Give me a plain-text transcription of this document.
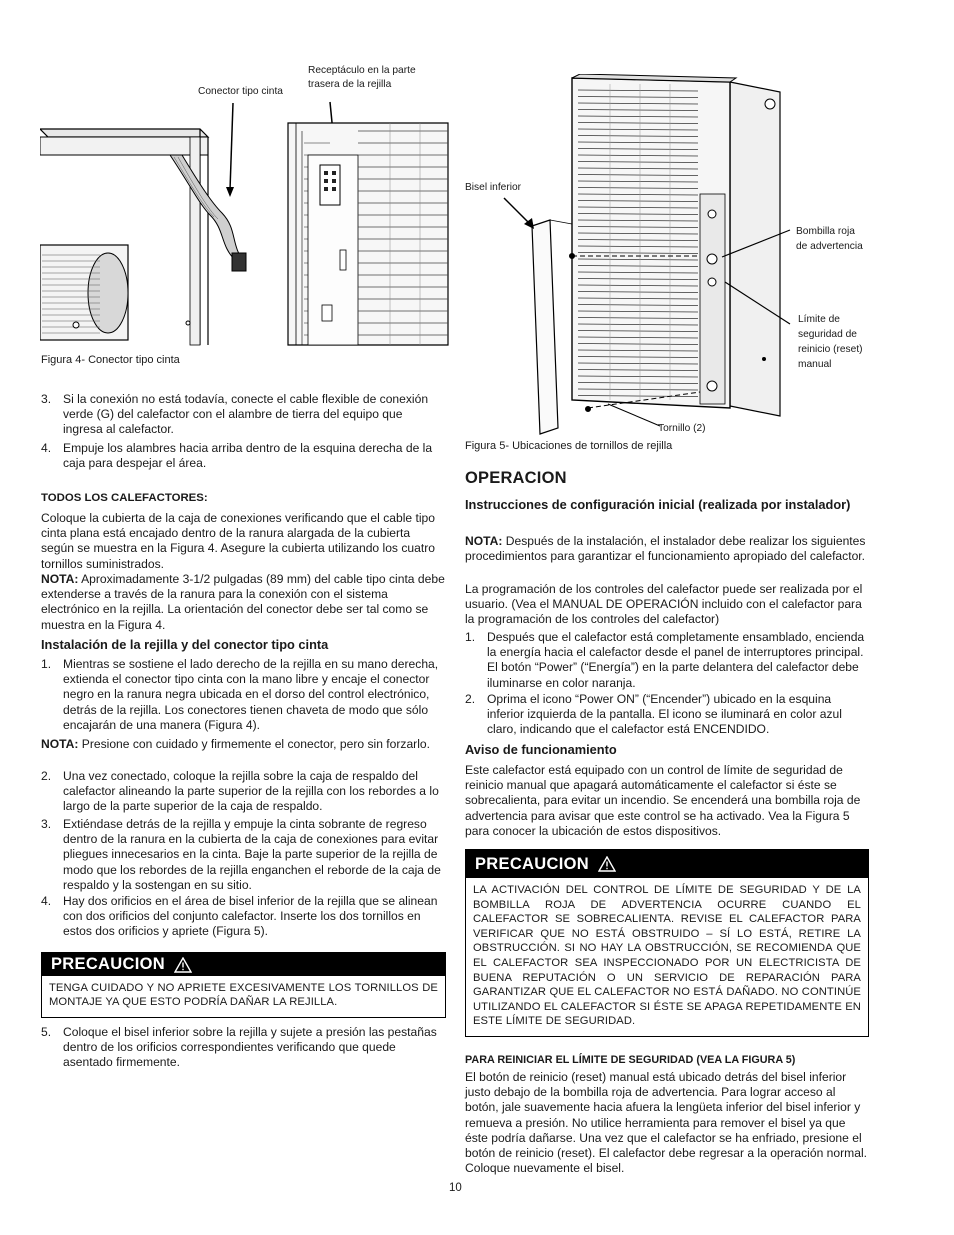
Conector tipo cinta
Receptáculo en la parte
trasera de la rejilla
Figura 4- Conector tipo cinta
3. Si la conexión no está todavía, conecte el cable flexible de conexión verde (G) del calefactor con el alambre de tierra del equipo que ingresa al calefactor.
4. Empuje los alambres hacia arriba dentro de la esquina derecha de la caja para despejar el área.
TODOS LOS CALEFACTORES:
Coloque la cubierta de la caja de conexiones verificando que el cable tipo cinta plana está encajado dentro de la ranura alargada de la cubierta según se muestra en la Figura 4. Asegure la cubierta utilizando los cuatro tornillos suministrados.
NOTA: Aproximadamente 3-1/2 pulgadas (89 mm) del cable tipo cinta debe extenderse a través de la ranura para la conexión con el sistema electrónico en la rejilla. La orientación del conector debe ser tal como se muestra en la Figura 4.
Instalación de la rejilla y del conector tipo cinta
1. Mientras se sostiene el lado derecho de la rejilla en su mano derecha, extienda el conector tipo cinta con la mano libre y encaje el conector negro en la ranura negra ubicada en el dorso del control electrónico, detrás de la rejilla. Los conectores tienen chaveta de modo que sólo encajarán de una manera (Figura 4).
NOTA: Presione con cuidado y firmemente el conector, pero sin forzarlo.
2. Una vez conectado, coloque la rejilla sobre la caja de respaldo del calefactor alineando la parte superior de la rejilla con los rebordes a lo largo de la parte superior de la caja de respaldo.
3. Extiéndase detrás de la rejilla y empuje la cinta sobrante de regreso dentro de la ranura en la cubierta de la caja de conexiones para evitar pliegues innecesarios en la cinta. Baje la parte superior de la rejilla de modo que los rebordes de la rejilla enganchen el reborde de la caja de respaldo y la sostengan en su sitio.
4. Hay dos orificios en el área de bisel inferior de la rejilla que se alinean con dos orificios del conjunto calefactor. Inserte los dos tornillos en estos dos orificios y apriete (Figura 5).
PRECAUCION
TENGA CUIDADO Y NO APRIETE EXCESIVAMENTE LOS TORNILLOS DE MONTAJE YA QUE ESTO PODRÍA DAÑAR LA REJILLA.
5. Coloque el bisel inferior sobre la rejilla y sujete a presión las pestañas dentro de los orificios correspondientes verificando que quede asentado firmemente.
Bisel inferior
Bombilla roja
de advertencia
Límite de
seguridad de
reinicio (reset)
manual
Tornillo (2)
Figura 5- Ubicaciones de tornillos de rejilla
OPERACION
Instrucciones de configuración inicial (realizada por instalador)
NOTA: Después de la instalación, el instalador debe realizar los siguientes procedimientos para garantizar el funcionamiento apropiado del calefactor.
La programación de los controles del calefactor puede ser realizada por el usuario. (Vea el MANUAL DE OPERACIÓN incluido con el calefactor para la programación de los controles del calefactor)
1. Después que el calefactor está completamente ensamblado, encienda la energía hacia el calefactor desde el panel de interruptores principal. El botón “Power” (“Energía”) en la parte delantera del calefactor debe iluminarse en color naranja.
2. Oprima el icono “Power ON” (“Encender”) ubicado en la esquina inferior izquierda de la pantalla. El icono se iluminará en color azul claro, indicando que el calefactor está ENCENDIDO.
Aviso de funcionamiento
Este calefactor está equipado con un control de límite de seguridad de reinicio manual que apagará automáticamente el calefactor si éste se sobrecalienta, para evitar un incendio. Se encenderá una bombilla roja de advertencia para avisar que este control se ha activado. Vea la Figura 5 para conocer la ubicación de estos dispositivos.
PRECAUCION
LA ACTIVACIÓN DEL CONTROL DE LÍMITE DE SEGURIDAD Y DE LA BOMBILLA ROJA DE ADVERTENCIA OCURRE CUANDO EL CALEFACTOR SE SOBRECALIENTA. REVISE EL CALEFACTOR PARA VERIFICAR QUE NO ESTÁ OBSTRUIDO – SÍ LO ESTÁ, RETIRE LA OBSTRUCCIÓN. SI NO HAY LA OBSTRUCCIÓN, SE RECOMIENDA QUE EL CALEFACTOR SEA INSPECCIONADO POR UN ELECTRICISTA DE BUENA REPUTACIÓN O UN SERVICIO DE REPARACIÓN PARA GARANTIZAR QUE EL CALEFACTOR NO ESTÁ DAÑADO. NO CONTINÚE UTILIZANDO EL CALEFACTOR SI ÉSTE SE APAGA REPETIDAMENTE EN ESTE LÍMITE DE SEGURIDAD.
PARA REINICIAR EL LÍMITE DE SEGURIDAD (VEA LA FIGURA 5)
El botón de reinicio (reset) manual está ubicado detrás del bisel inferior justo debajo de la bombilla roja de advertencia. Para lograr acceso al botón, jale suavemente hacia afuera la lengüeta inferior del bisel inferior y remueva a presión. No utilice herramienta para remover el bisel ya que éste podría dañarse. Una vez que el calefactor se ha enfriado, presione el botón de reinicio (reset). El calefactor debe regresar a la operación normal. Coloque nuevamente el bisel.
10
